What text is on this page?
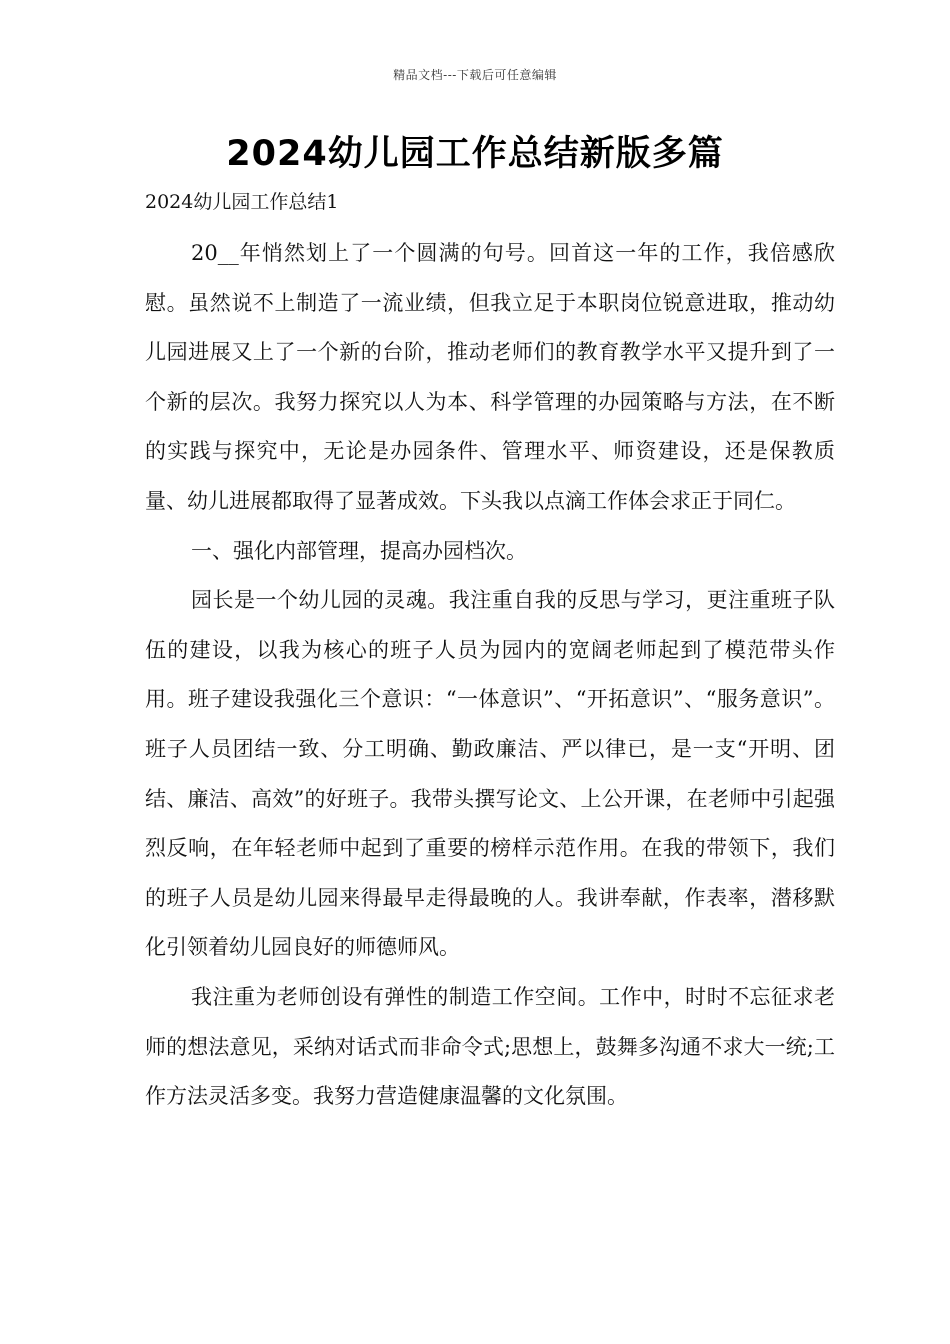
精品文档---下载后可任意编辑
2024幼儿园工作总结新版多篇
2024幼儿园工作总结1

20__年悄然划上了一个圆满的句号。回首这一年的工作，我倍感欣慰。虽然说不上制造了一流业绩，但我立足于本职岗位锐意进取，推动幼儿园进展又上了一个新的台阶，推动老师们的教育教学水平又提升到了一个新的层次。我努力探究以人为本、科学管理的办园策略与方法，在不断的实践与探究中，无论是办园条件、管理水平、师资建设，还是保教质量、幼儿进展都取得了显著成效。下头我以点滴工作体会求正于同仁。

一、强化内部管理，提高办园档次。

园长是一个幼儿园的灵魂。我注重自我的反思与学习，更注重班子队伍的建设，以我为核心的班子人员为园内的宽阔老师起到了模范带头作用。班子建设我强化三个意识：“一体意识”、“开拓意识”、“服务意识”。班子人员团结一致、分工明确、勤政廉洁、严以律已，是一支“开明、团结、廉洁、高效”的好班子。我带头撰写论文、上公开课，在老师中引起强烈反响，在年轻老师中起到了重要的榜样示范作用。在我的带领下，我们的班子人员是幼儿园来得最早走得最晚的人。我讲奉献，作表率，潜移默化引领着幼儿园良好的师德师风。

我注重为老师创设有弹性的制造工作空间。工作中，时时不忘征求老师的想法意见，采纳对话式而非命令式;思想上，鼓舞多沟通不求大一统;工作方法灵活多变。我努力营造健康温馨的文化氛围。
